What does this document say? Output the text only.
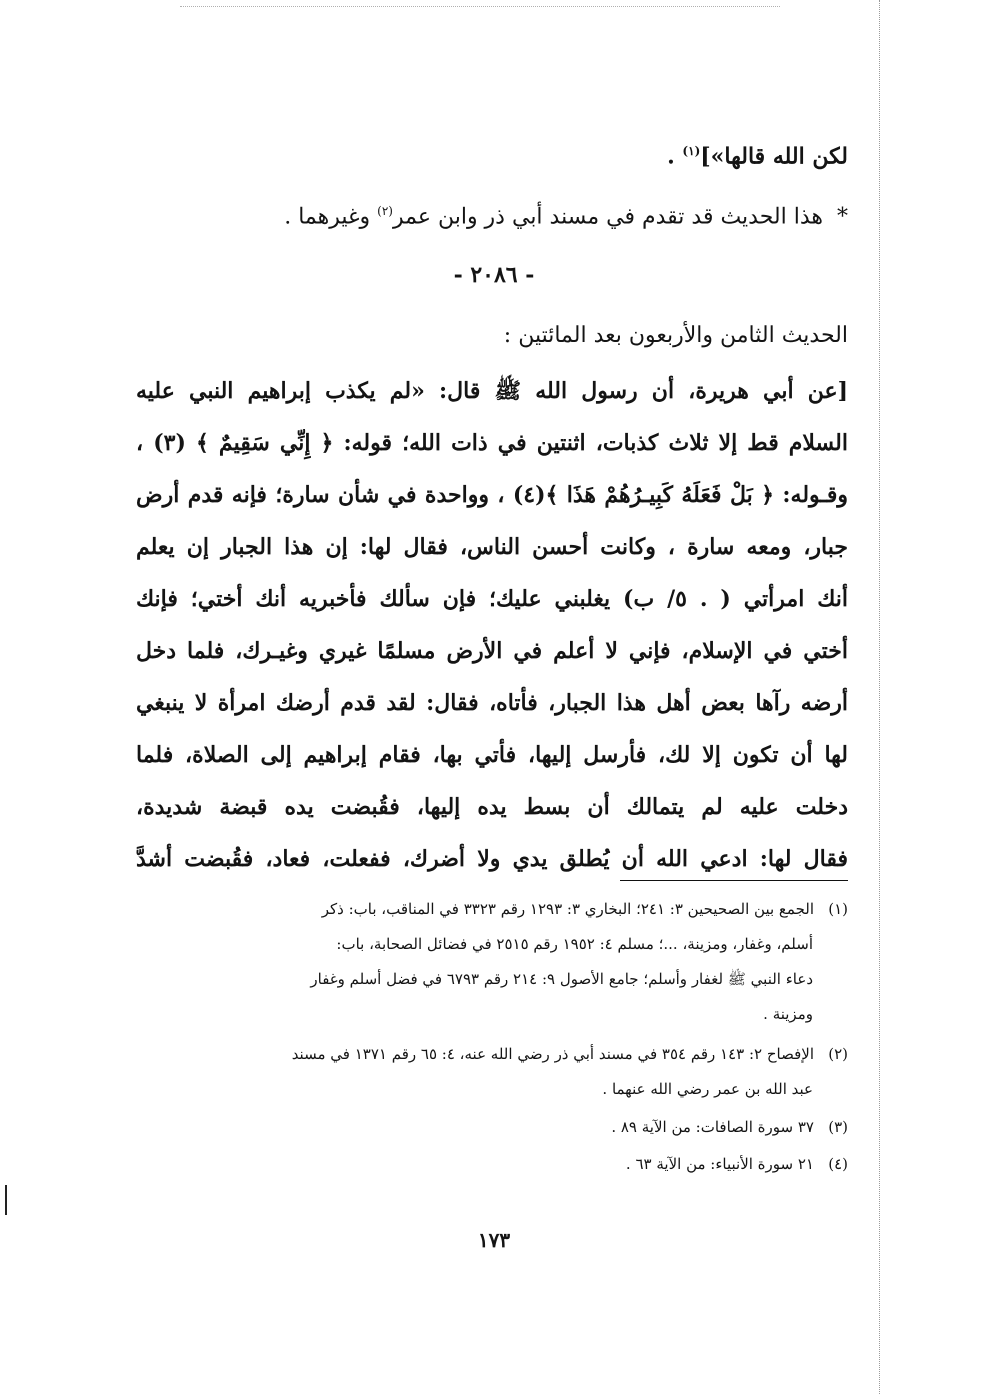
لكن الله قالها»]$^{(١)}$ .
*  هذا الحديث قد تقدم في مسند أبي ذر وابن عمر$^{(٢)}$ وغيرهما .
الحديث الثامن والأربعون بعد المائتين :
[عن أبي هريرة، أن رسول الله ﷺ قال: «لم يكذب إبراهيم النبي عليه
السلام قط إلا ثلاث كذبات، اثنتين في ذات الله؛ قوله: ﴿ إِنِّي سَقِيمٌ ﴾ (٣) ،
وقـوله: ﴿ بَلْ فَعَلَهُ كَبِيـرُهُمْ هَذَا ﴾(٤) ، وواحدة في شأن سارة؛ فإنه قدم أرض
جبار، ومعه سارة ، وكانت أحسن الناس، فقال لها: إن هذا الجبار إن يعلم
أنك امرأتي ( . ٥/ ب) يغلبني عليك؛ فإن سألك فأخبريه أنك أختي؛ فإنك
أختي في الإسلام، فإني لا أعلم في الأرض مسلمًا غيري وغيـرك، فلما دخل
أرضه رآها بعض أهل هذا الجبار، فأتاه، فقال: لقد قدم أرضك امرأة لا ينبغي
لها أن تكون إلا لك، فأرسل إليها، فأتي بها، فقام إبراهيم إلى الصلاة، فلما
دخلت عليه لم يتمالك أن بسط يده إليها، فقُبضت يده قبضة شديدة،
فقال لها: ادعي الله أن يُطلق يدي ولا أضرك، ففعلت، فعاد، فقُبضت أشدَّ
- ٢٠٨٦ -
(١)الجمع بين الصحيحين ٣: ٢٤١؛ البخاري ٣: ١٢٩٣ رقم ٣٣٢٣ في المناقب، باب: ذكر
أسلم، وغفار، ومزينة، ...؛ مسلم ٤: ١٩٥٢ رقم ٢٥١٥ في فضائل الصحابة، باب:
دعاء النبي ﷺ لغفار وأسلم؛ جامع الأصول ٩: ٢١٤ رقم ٦٧٩٣ في فضل أسلم وغفار
ومزينة .
(٢)الإفصاح ٢: ١٤٣ رقم ٣٥٤ في مسند أبي ذر رضي الله عنه، ٤: ٦٥ رقم ١٣٧١ في مسند
عبد الله بن عمر رضي الله عنهما .
(٣)٣٧ سورة الصافات: من الآية ٨٩ .
(٤)٢١ سورة الأنبياء: من الآية ٦٣ .
١٧٣
